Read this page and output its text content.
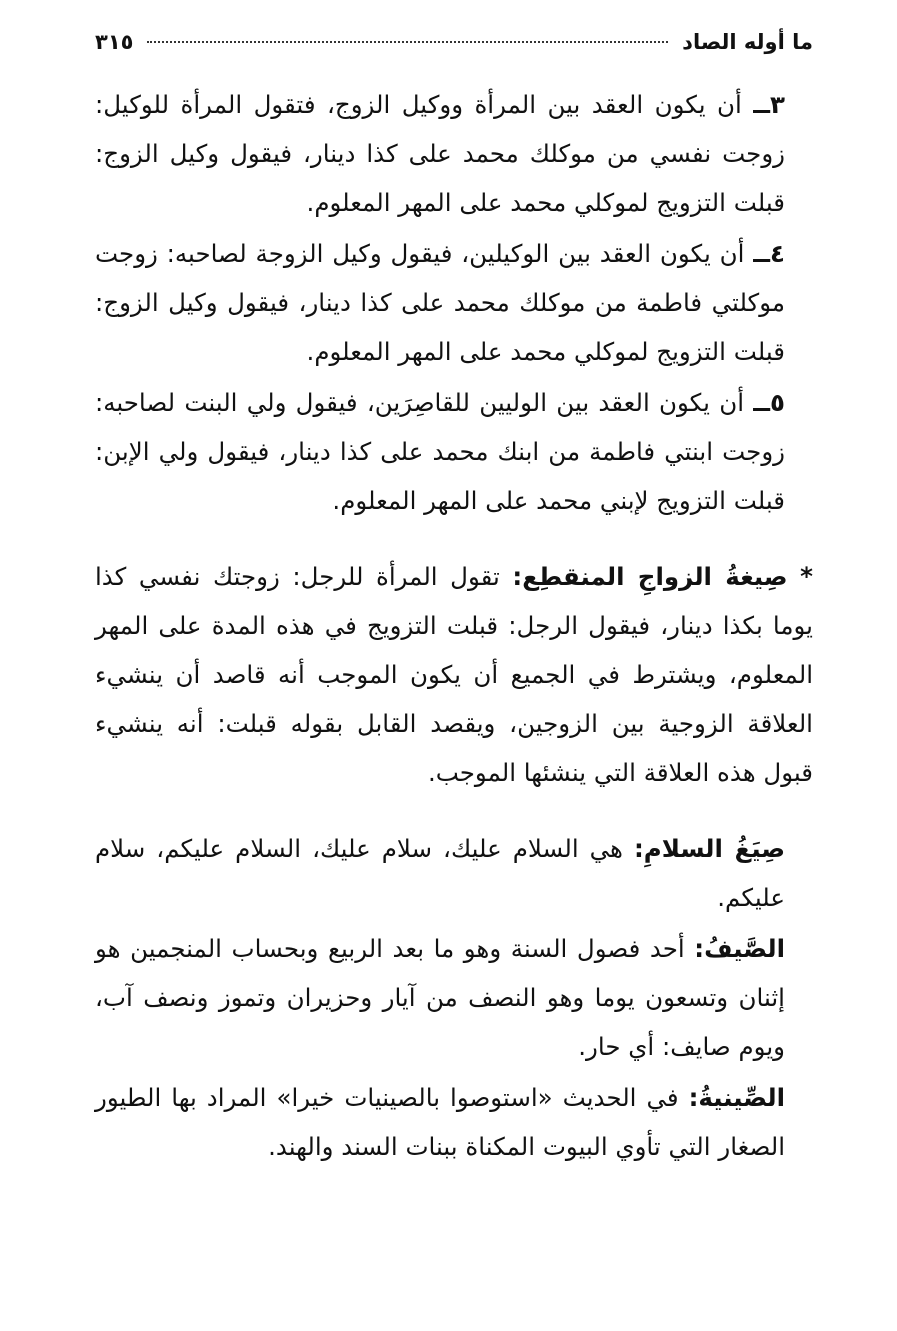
ما أوله الصاد
٣١٥

٣ــ أن يكون العقد بين المرأة ووكيل الزوج، فتقول المرأة للوكيل: زوجت نفسي من موكلك محمد على كذا دينار، فيقول وكيل الزوج: قبلت التزويج لموكلي محمد على المهر المعلوم.

٤ــ أن يكون العقد بين الوكيلين، فيقول وكيل الزوجة لصاحبه: زوجت موكلتي فاطمة من موكلك محمد على كذا دينار، فيقول وكيل الزوج: قبلت التزويج لموكلي محمد على المهر المعلوم.

٥ــ أن يكون العقد بين الوليين للقاصِرَين، فيقول ولي البنت لصاحبه: زوجت ابنتي فاطمة من ابنك محمد على كذا دينار، فيقول ولي الإبن: قبلت التزويج لإبني محمد على المهر المعلوم.

* صِيغةُ الزواجِ المنقطِع: تقول المرأة للرجل: زوجتك نفسي كذا يوما بكذا دينار، فيقول الرجل: قبلت التزويج في هذه المدة على المهر المعلوم، ويشترط في الجميع أن يكون الموجب أنه قاصد أن ينشيء العلاقة الزوجية بين الزوجين، ويقصد القابل بقوله قبلت: أنه ينشيء قبول هذه العلاقة التي ينشئها الموجب.

صِيَغُ السلامِ: هي السلام عليك، سلام عليك، السلام عليكم، سلام عليكم.

الصَّيفُ: أحد فصول السنة وهو ما بعد الربيع وبحساب المنجمين هو إثنان وتسعون يوما وهو النصف من آيار وحزيران وتموز ونصف آب، ويوم صايف: أي حار.

الصِّينيةُ: في الحديث «استوصوا بالصينيات خيرا» المراد بها الطيور الصغار التي تأوي البيوت المكناة ببنات السند والهند.
